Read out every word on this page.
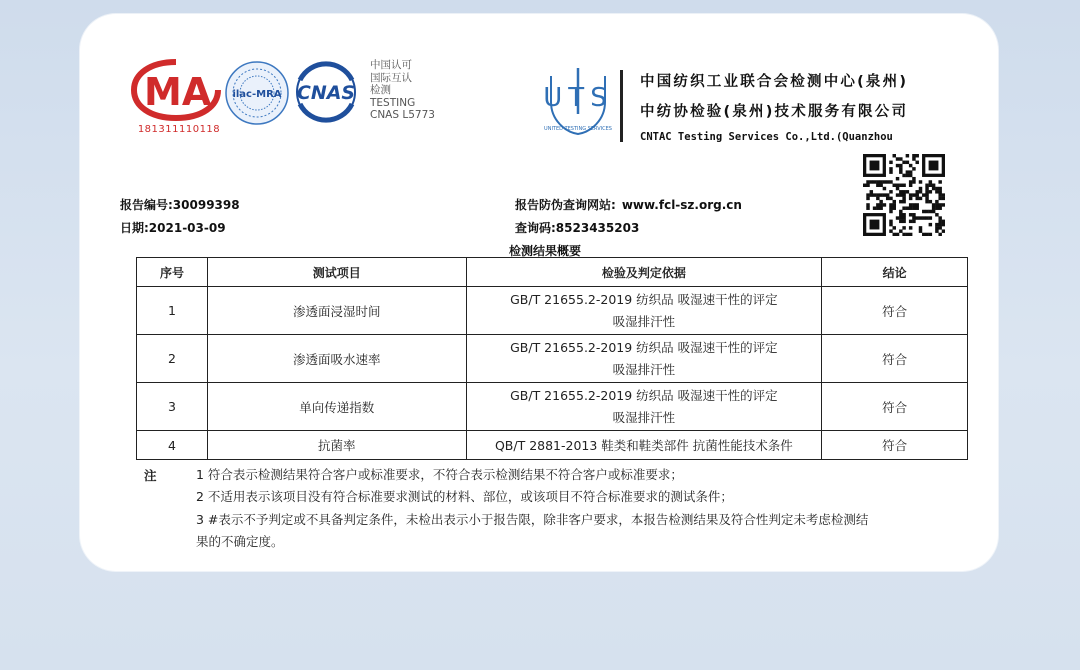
MA
181311110118
ilac-MRA CNAS
中国认可
国际互认
检测
TESTING
CNAS L5773
UTS
UNITED TESTING SERVICES
中国纺织工业联合会检测中心(泉州)
中纺协检验(泉州)技术服务有限公司
CNTAC Testing Services Co.,Ltd.(Quanzhou
报告编号:30099398
日期:2021-03-09
报告防伪查询网站: www.fcl-sz.org.cn
查询码:8523435203
检测结果概要
序号	测试项目	检验及判定依据	结论
1	渗透面浸湿时间	GB/T 21655.2-2019 纺织品 吸湿速干性的评定
吸湿排汗性	符合
2	渗透面吸水速率	GB/T 21655.2-2019 纺织品 吸湿速干性的评定
吸湿排汗性	符合
3	单向传递指数	GB/T 21655.2-2019 纺织品 吸湿速干性的评定
吸湿排汗性	符合
4	抗菌率	QB/T 2881-2013 鞋类和鞋类部件 抗菌性能技术条件	符合
注	1 符合表示检测结果符合客户或标准要求，不符合表示检测结果不符合客户或标准要求；
2 不适用表示该项目没有符合标准要求测试的材料、部位，或该项目不符合标准要求的测试条件；
3 #表示不予判定或不具备判定条件，未检出表示小于报告限，除非客户要求，本报告检测结果及符合性判定未考虑检测结
果的不确定度。
